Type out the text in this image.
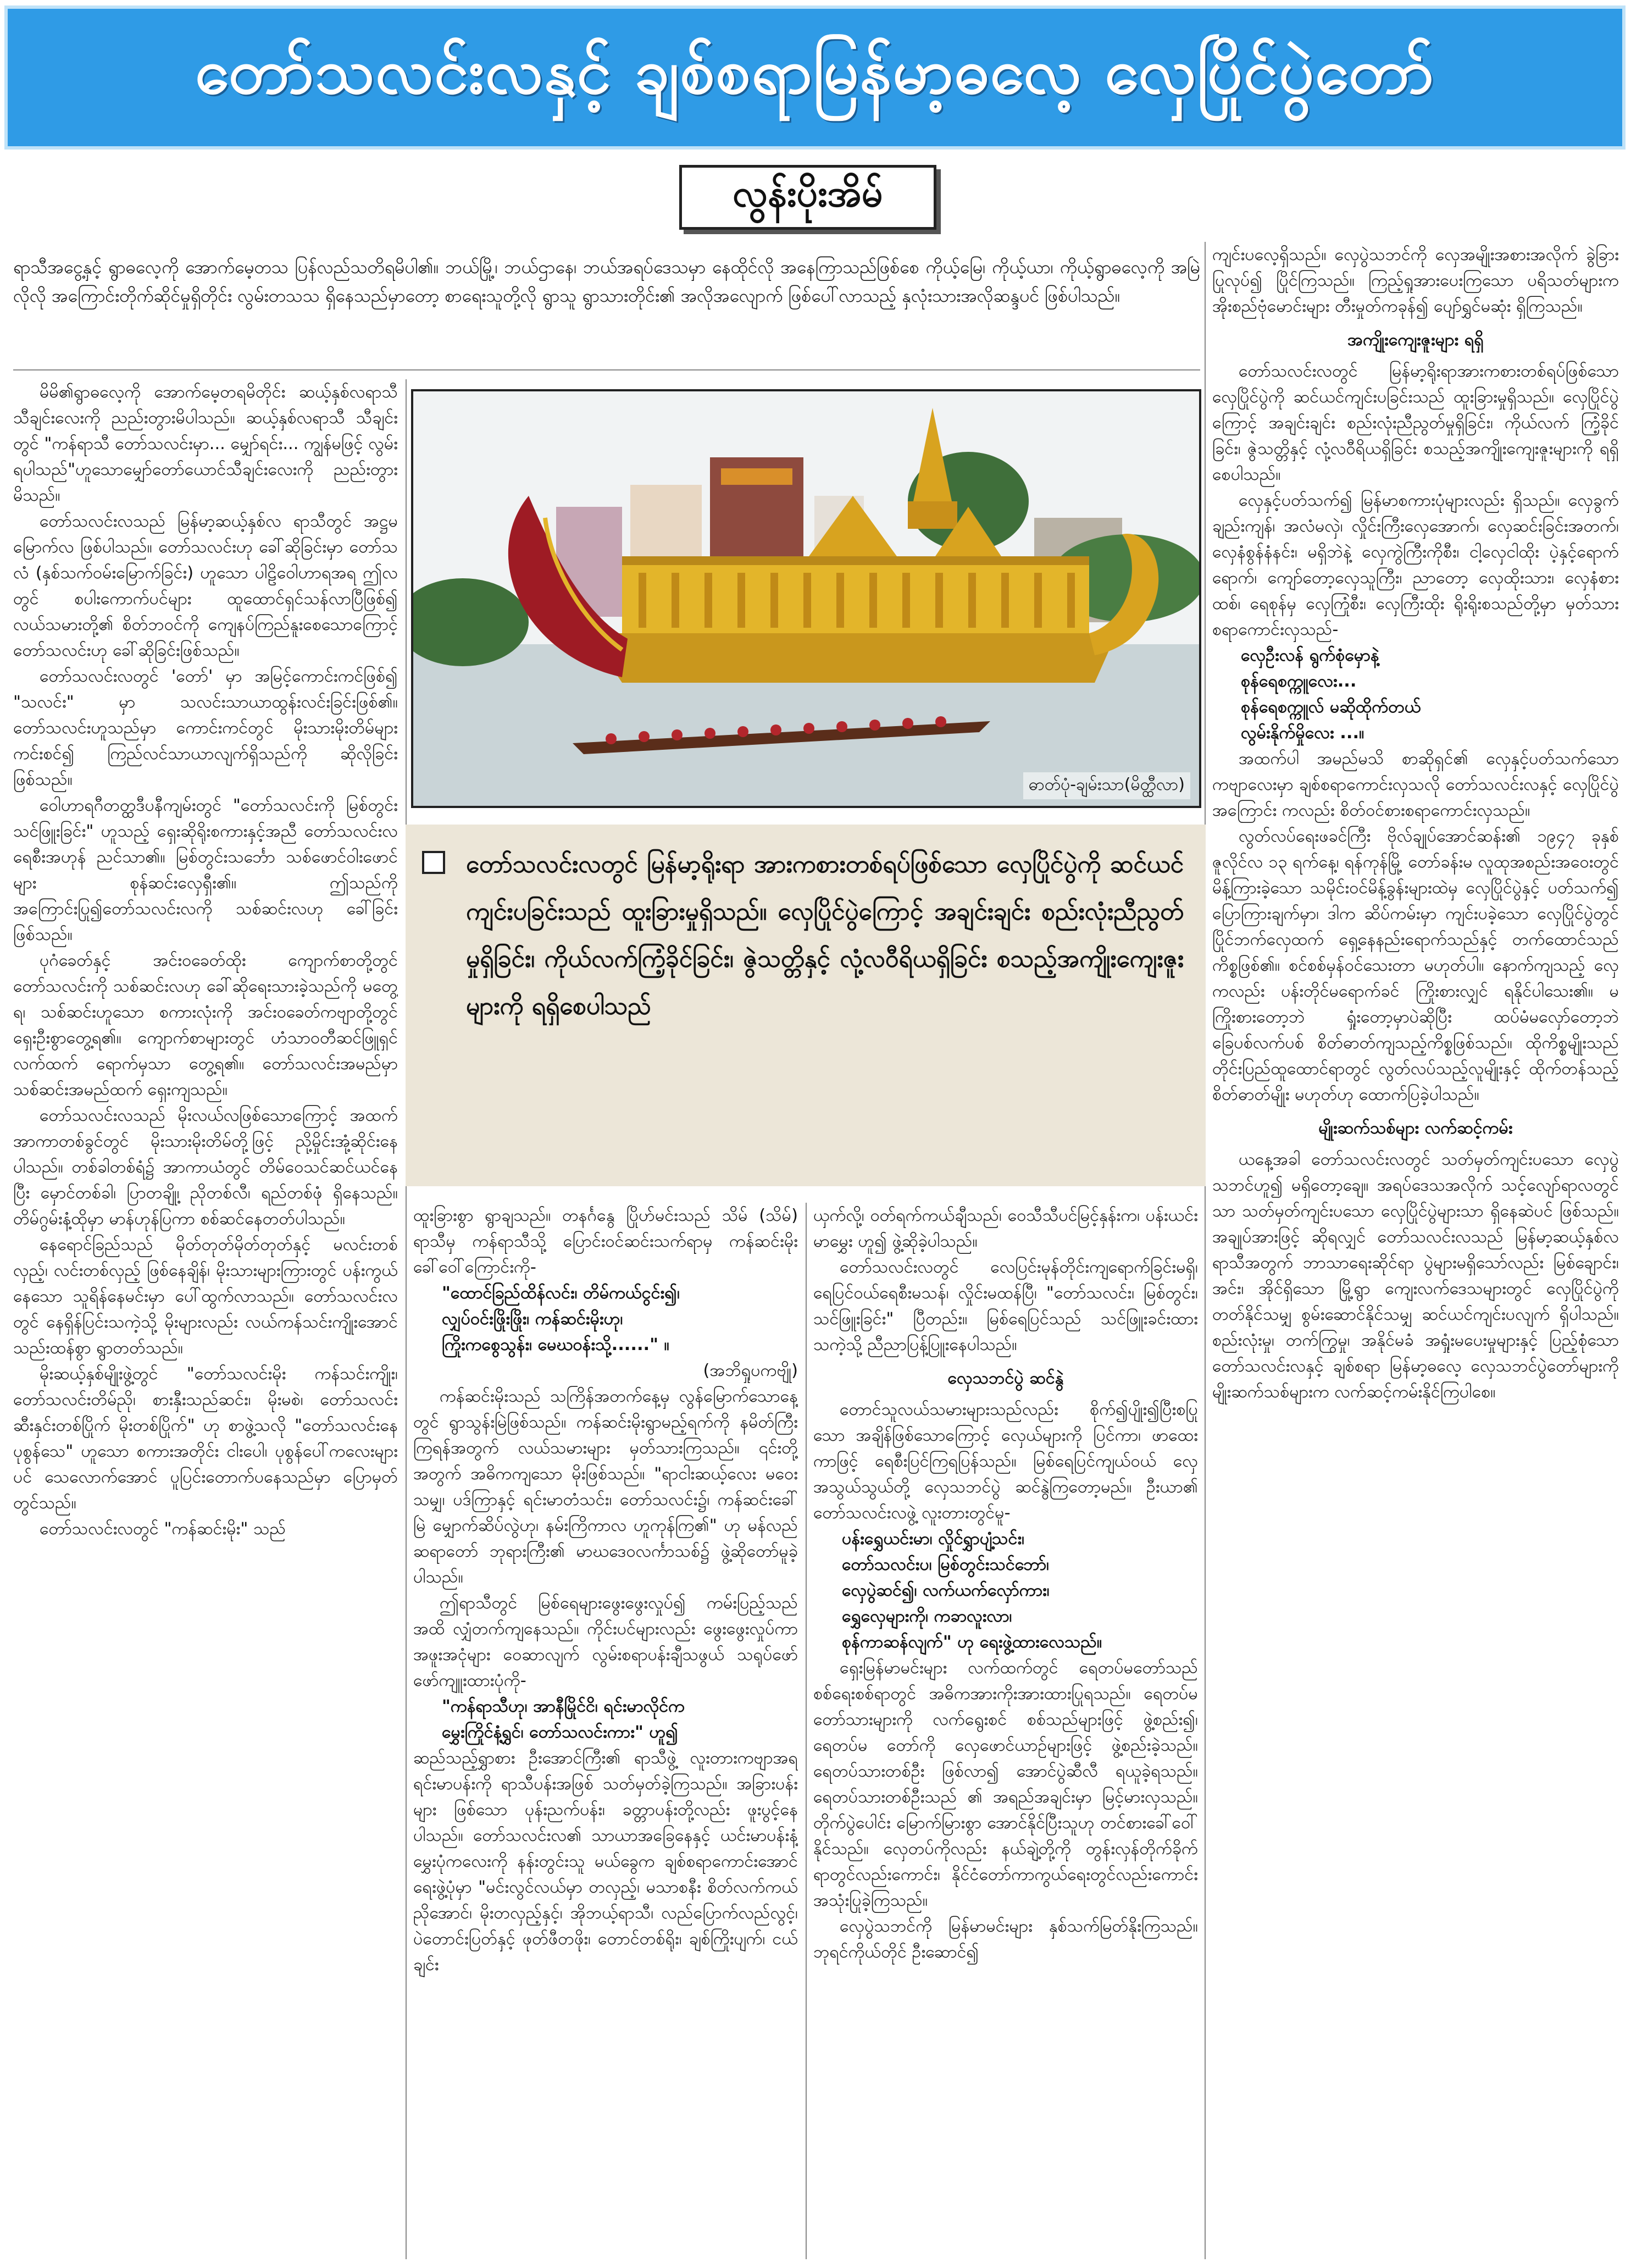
တော်သလင်းလနှင့် ချစ်စရာမြန်မာ့ဓလေ့ လှေပြိုင်ပွဲတော်
လွန်းပိုးအိမ်
ရာသီအငွေ့နှင့် ရွာဓလေ့ကို အောက်မေ့တသ ပြန်လည်သတိရမိပါ၏။ ဘယ်မြို့၊ ဘယ်ဌာနေ၊ ဘယ်အရပ်ဒေသမှာ နေထိုင်လို အနေကြာသည်ဖြစ်စေ ကိုယ့်မြေ၊ ကိုယ့်ယာ၊ ကိုယ့်ရွာဓလေ့ကို အမြဲလိုလို အကြောင်းတိုက်ဆိုင်မှုရှိတိုင်း လွမ်းတသသ ရှိနေသည်မှာတော့ စာရေးသူတို့လို ရွာသူ ရွာသားတိုင်း၏ အလိုအလျောက် ဖြစ်ပေါ်လာသည့် နှလုံးသားအလိုဆန္ဒပင် ဖြစ်ပါသည်။

မိမိ၏ရွာဓလေ့ကို အောက်မေ့တရမိတိုင်း ဆယ့်နှစ်လရာသီ သီချင်းလေးကို ညည်းတွားမိပါသည်။ ဆယ့်နှစ်လရာသီ သီချင်းတွင် "ကန်ရာသီ တော်သလင်းမှာ... မျှော်ရင်း... ကျွန်မဖြင့် လွမ်းရပါသည်"ဟူသောမျှော်တော်ယောင်သီချင်းလေးကို ညည်းတွားမိသည်။

တော်သလင်းလသည် မြန်မာ့ဆယ့်နှစ်လ ရာသီတွင် အဋ္ဌမမြောက်လ ဖြစ်ပါသည်။ တော်သလင်းဟု ခေါ်ဆိုခြင်းမှာ တော်သလံ (နှစ်သက်ဝမ်းမြောက်ခြင်း) ဟူသော ပါဠိဝေါဟာရအရ ဤလတွင် စပါးကောက်ပင်များ ထူထောင်ရှင်သန်လာပြီဖြစ်၍ လယ်သမားတို့၏ စိတ်ဘဝင်ကို ကျေနပ်ကြည်နူးစေသောကြောင့် တော်သလင်းဟု ခေါ်ဆိုခြင်းဖြစ်သည်။

တော်သလင်းလတွင် 'တော်' မှာ အမြင့်ကောင်းကင်ဖြစ်၍ "သလင်း" မှာ သလင်းသာယာထွန်းလင်းခြင်းဖြစ်၏။ တော်သလင်းဟူသည်မှာ ကောင်းကင်တွင် မိုးသားမိုးတိမ်များ ကင်းစင်၍ ကြည်လင်သာယာလျက်ရှိသည်ကို ဆိုလိုခြင်းဖြစ်သည်။

ဝေါဟာရဂီတတ္ထဒီပနီကျမ်းတွင် "တော်သလင်းကို မြစ်တွင်း သင်ဖြူးခြင်း" ဟူသည့် ရှေးဆိုရိုးစကားနှင့်အညီ တော်သလင်းလ ရေစီးအဟုန် ညင်သာ၏။ မြစ်တွင်းသင်္ဘော သစ်ဖောင်ဝါးဖောင်များ စုန်ဆင်းလှေရှီး၏။ ဤသည်ကို အကြောင်းပြု၍တော်သလင်းလကို သစ်ဆင်းလဟု ခေါ်ခြင်းဖြစ်သည်။

ပုဂံခေတ်နှင့် အင်းဝခေတ်ထိုး ကျောက်စာတို့တွင် တော်သလင်းကို သစ်ဆင်းလဟု ခေါ်ဆိုရေးသားခဲ့သည်ကို မတွေ့ရ၊ သစ်ဆင်းဟူသော စကားလုံးကို အင်းဝခေတ်ကဗျာတို့တွင် ရှေးဦးစွာတွေ့ရ၏။ ကျောက်စာများတွင် ဟံသာဝတီဆင်ဖြူရှင်လက်ထက် ရောက်မှသာ တွေ့ရ၏။ တော်သလင်းအမည်မှာ သစ်ဆင်းအမည်ထက် ရှေးကျသည်။

တော်သလင်းလသည် မိုးလယ်လဖြစ်သောကြောင့် အထက်အာကာတစ်ခွင်တွင် မိုးသားမိုးတိမ်တို့ဖြင့် ညို့မှိုင်းအုံ့ဆိုင်းနေပါသည်။ တစ်ခါတစ်ရံ၌ အာကာယံတွင် တိမ်ဝေသင်ဆင်ယင်နေပြီး မှောင်တစ်ခါ၊ ပြာတချို့၊ ညိုတစ်လီ၊ ရည်တစ်ဖုံ ရှိနေသည်။ တိမ်ဂွမ်းနံ့ထိုမှာ မာန်ဟုန်ပြကာ စစ်ဆင်နေတတ်ပါသည်။

နေရောင်ခြည်သည် မိုတ်တုတ်မိုတ်တုတ်နှင့် မလင်းတစ်လှည့်၊ လင်းတစ်လှည့် ဖြစ်နေချိန်၊ မိုးသားများကြားတွင် ပန်းကွယ်နေသော သူရိန်နေမင်းမှာ ပေါ်ထွက်လာသည်။ တော်သလင်းလတွင် နေရှိန်ပြင်းသကဲ့သို့ မိုးများလည်း လယ်ကန်သင်းကျိုးအောင် သည်းထန်စွာ ရွာတတ်သည်။

မိုးဆယ့်နှစ်မျိုးဖွဲ့တွင် "တော်သလင်းမိုး ကန်သင်းကျိုး၊ တော်သလင်းတိမ်ညို၊ စားနှီးသည်ဆင်း၊ မိုးမစဲ၊ တော်သလင်းဆီးနှင်းတစ်ပြိုက် မိုးတစ်ပြိုက်" ဟု စာဖွဲ့သလို "တော်သလင်းနေ ပုစွန်သေ" ဟူသော စကားအတိုင်း ငါးပေါ၊ ပုစွန်ပေါ်ကလေးများပင် သေလောက်အောင် ပူပြင်းတောက်ပနေသည်မှာ ပြောမှတ်တွင်သည်။

တော်သလင်းလတွင် "ကန်ဆင်းမိုး" သည်

ဓာတ်ပုံ-ချမ်းသာ(မိတ္ထီလာ)
တော်သလင်းလတွင် မြန်မာ့ရိုးရာ အားကစားတစ်ရပ်ဖြစ်သော လှေပြိုင်ပွဲကို ဆင်ယင်ကျင်းပခြင်းသည် ထူးခြားမှုရှိသည်။ လှေပြိုင်ပွဲကြောင့် အချင်းချင်း စည်းလုံးညီညွတ်မှုရှိခြင်း၊ ကိုယ်လက်ကြံ့ခိုင်ခြင်း၊ ဇွဲသတ္တိနှင့် လုံ့လဝီရိယရှိခြင်း စသည့်အကျိုးကျေးဇူးများကို ရရှိစေပါသည်

ထူးခြားစွာ ရွာချသည်။ တနင်္ဂနွေ ပြိုဟ်မင်းသည် သိမ် (သိမ်) ရာသီမှ ကန်ရာသီသို့ ပြောင်းဝင်ဆင်းသက်ရာမှ ကန်ဆင်းမိုးခေါ်ဝေါ်ကြောင်းကို-

"ထောင်ခြည်ထိန်လင်း၊ တိမ်ကယ်ငွင်း၍၊

လျှပ်ဝင်းဖြိုးဖြိုး၊ ကန်ဆင်းမိုးဟု၊

ကြိုးကစွေသွန်း၊ မေဃဝန်းသို့......" ။

(အဘိရှုပကဗျို)

ကန်ဆင်းမိုးသည် သကြိန်အတက်နေ့မှ လွန်မြောက်သောနေ့တွင် ရွာသွန်းမြဲဖြစ်သည်။ ကန်ဆင်းမိုးရွာမည့်ရက်ကို နမိတ်ကြီးကြရန်အတွက် လယ်သမားများ မှတ်သားကြသည်။ ၎င်းတို့အတွက် အဓိကကျသော မိုးဖြစ်သည်။ "ရာငါးဆယ့်လေး မဝေးသမျှ၊ ပဒ်ကြာနှင့် ရင်းမာတံသင်း၊ တော်သလင်း၌၊ ကန်ဆင်းခေါ်မြဲ မျှောက်ဆိပ်လွဲဟု၊ နမ်းကြိကာလ ဟူကုန်ကြ၏" ဟု မန်လည်ဆရာတော် ဘုရားကြီး၏ မာဃဒေဝလင်္ကာသစ်၌ ဖွဲ့ဆိုတော်မူခဲ့ပါသည်။

ဤရာသီတွင် မြစ်ရေများဖွေးဖွေးလှုပ်၍ ကမ်းပြည့်သည်အထိ လျှံတက်ကျနေသည်။ ကိုင်းပင်များလည်း ဖွေးဖွေးလှုပ်ကာ အဖူးအငုံများ ဝေဆာလျက် လွမ်းစရာပန်းချီသဖွယ် သရုပ်ဖော် ဖော်ကျူးထားပုံကို-

"ကန်ရာသီဟု၊ အာနီမြိုင်ငိ၊ ရင်းမာလိုင်က

မွှေးကြိုင်နံ့ရွှင်၊ တော်သလင်းကား" ဟူ၍

ဆည်သည့်ရွှာစား ဦးအောင်ကြီး၏ ရာသီဖွဲ့ လူးတားကဗျာအရ ရင်းမာပန်းကို ရာသီပန်းအဖြစ် သတ်မှတ်ခဲ့ကြသည်။ အခြားပန်းများ ဖြစ်သော ပုန်းညက်ပန်း၊ ခတ္တာပန်းတို့လည်း ဖူးပွင့်နေပါသည်။ တော်သလင်းလ၏ သာယာအခြေနေနှင့် ယင်းမာပန်းနံ့ မွှေးပုံကလေးကို နန်းတွင်းသူ မယ်ခွေက ချစ်စရာကောင်းအောင် ရေးဖွဲ့ပုံမှာ "မင်းလွင်လယ်မှာ တလှည့်၊ မသာစနီး စိတ်လက်ကယ်ညိုအောင်၊ မိုးတလှည့်နှင့်၊ အိုဘယ့်ရာသီ၊ လည်ပြောက်လည်လွင့်၊ ပဲတောင်းပြတ်နှင့် ဖုတ်ဖီတဖိုး၊ တောင်တစ်ရိုး၊ ချစ်ကြိုးပျက်၊ ငယ်ချင်း

ယှက်လို့၊ ဝတ်ရက်ကယ်ချီသည်၊ ဝေသီသီပင်မြင့်နှန်းက၊ ပန်းယင်းမာမွှေး ဟူ၍ ဖွဲ့ဆိုခဲ့ပါသည်။

တော်သလင်းလတွင် လေပြင်းမုန်တိုင်းကျရောက်ခြင်းမရှိ၊ ရေပြင်ဝယ်ရေစီးမသန်၊ လှိုင်းမထန်ပြီ၊ "တော်သလင်း၊ မြစ်တွင်း၊ သင်ဖြူးခြင်း" ပြီတည်း။ မြစ်ရေပြင်သည် သင်ဖြူးခင်းထားသကဲ့သို့ ညီညာပြန့်ပြူးနေပါသည်။

လှေသဘင်ပွဲ ဆင်နွဲ

တောင်သူလယ်သမားများသည်လည်း စိုက်၍ပျိုး၍ပြီးစပြုသော အချိန်ဖြစ်သောကြောင့် လှေယ်များကို ပြင်ကာ၊ ဖာထေးကာဖြင့် ရေစီးပြင်ကြရပြန်သည်။ မြစ်ရေပြင်ကျယ်ဝယ် လှေအသွယ်သွယ်တို့ လှေသဘင်ပွဲ ဆင်နွဲကြတော့မည်။ ဦးယာ၏ တော်သလင်းလဖွဲ့ လူးတားတွင်မူ-

ပန်းရွှေယင်းမာ၊ လှိုင်ရွှာပျံ့သင်း၊

တော်သလင်းပ၊ မြစ်တွင်းသင်ဘော်၊

လှေပွဲဆင်၍၊ လက်ယက်လှော်ကား၊

ရွှေလှေများကို၊ ကခာလူးလာ၊

စုန်ကာဆန်လျက်" ဟု ရေးဖွဲ့ထားလေသည်။

ရှေးမြန်မာမင်းများ လက်ထက်တွင် ရေတပ်မတော်သည် စစ်ရေးစစ်ရာတွင် အဓိကအားကိုးအားထားပြုရသည်။ ရေတပ်မတော်သားများကို လက်ရွေးစင် စစ်သည်များဖြင့် ဖွဲ့စည်း၍၊ ရေတပ်မ တော်ကို လှေဖောင်ယာဉ်များဖြင့် ဖွဲ့စည်းခဲ့သည်။ ရေတပ်သားတစ်ဦး ဖြစ်လာ၍ အောင်ပွဲဆီလီ ရယူခဲ့ရသည်။ ရေတပ်သားတစ်ဦးသည် ၏ အရည်အချင်းမှာ မြင့်မားလှသည်။ တိုက်ပွဲပေါင်း မြောက်မြားစွာ အောင်နိုင်ပြီးသူဟု တင်စားခေါ်ဝေါ်နိုင်သည်။ လှေတပ်ကိုလည်း နယ်ချဲ့တို့ကို တွန်းလှန်တိုက်ခိုက်ရာတွင်လည်းကောင်း၊ နိုင်ငံတော်ကာကွယ်ရေးတွင်လည်းကောင်း အသုံးပြုခဲ့ကြသည်။

လှေပွဲသဘင်ကို မြန်မာမင်းများ နှစ်သက်မြတ်နိုးကြသည်။ ဘုရင်ကိုယ်တိုင် ဦးဆောင်၍

ကျင်းပလေ့ရှိသည်။ လှေပွဲသဘင်ကို လှေအမျိုးအစားအလိုက် ခွဲခြားပြုလုပ်၍ ပြိုင်ကြသည်။ ကြည့်ရှုအားပေးကြသော ပရိသတ်များက အိုးစည်ဗုံမောင်းများ တီးမှုတ်ကခုန်၍ ပျော်ရွှင်မဆုံး ရှိကြသည်။

အကျိုးကျေးဇူးများ ရရှိ

တော်သလင်းလတွင် မြန်မာ့ရိုးရာအားကစားတစ်ရပ်ဖြစ်သော လှေပြိုင်ပွဲကို ဆင်ယင်ကျင်းပခြင်းသည် ထူးခြားမှုရှိသည်။ လှေပြိုင်ပွဲကြောင့် အချင်းချင်း စည်းလုံးညီညွတ်မှုရှိခြင်း၊ ကိုယ်လက် ကြံ့ခိုင်ခြင်း၊ ဇွဲသတ္တိနှင့် လုံ့လဝီရိယရှိခြင်း စသည့်အကျိုးကျေးဇူးများကို ရရှိစေပါသည်။

လှေနှင့်ပတ်သက်၍ မြန်မာစကားပုံများလည်း ရှိသည်။ လှေခွက်ချည်းကျန်၊ အလံမလှဲ၊ လှိုင်းကြီးလှေအောက်၊ လှေဆင်းခြင်းအတက်၊ လှေနံစွန်နံနင်း၊ မရှိဘဲနဲ့ လှေကွဲကြီးကိုစီး၊ ငါ့လှေငါထိုး ပဲ့နှင့်ရောက်ရောက်၊ ကျော်တော့လှေသူကြီး၊ ညာတော့ လှေထိုးသား၊ လှေနံစားထစ်၊ ရေစုန်မှ လှေကြုံစီး၊ လှေကြီးထိုး ရိုးရိုးစသည်တို့မှာ မှတ်သား စရာကောင်းလှသည်-

လှေဦးလန် ရွက်စုံမှောနဲ့

စုန်ရေစက္ကူလေး...

စုန်ရေစက္ကူလ် မဆိုထိုက်တယ်

လွမ်းနိုက်မှိုလေး ...။

အထက်ပါ အမည်မသိ စာဆိုရှင်၏ လှေနှင့်ပတ်သက်သော ကဗျာလေးမှာ ချစ်စရာကောင်းလှသလို တော်သလင်းလနှင့် လှေပြိုင်ပွဲအကြောင်း ကလည်း စိတ်ဝင်စားစရာကောင်းလှသည်။

လွတ်လပ်ရေးဖခင်ကြီး ဗိုလ်ချုပ်အောင်ဆန်း၏ ၁၉၄၇ ခုနှစ် ဇူလိုင်လ ၁၃ ရက်နေ့၊ ရန်ကုန်မြို့ တော်ခန်းမ လူထုအစည်းအဝေးတွင် မိန့်ကြားခဲ့သော သမိုင်းဝင်မိန့်ခွန်းများထဲမှ လှေပြိုင်ပွဲနှင့် ပတ်သက်၍ ပြောကြားချက်မှာ၊ ဒါက ဆိပ်ကမ်းမှာ ကျင်းပခဲ့သော လှေပြိုင်ပွဲတွင် ပြိုင်ဘက်လှေထက် ရှေ့နေနည်းရောက်သည်နှင့် တက်ထောင်သည်ကိစ္စဖြစ်၏။ စင်စစ်မှန်ဝင်သေးတာ မဟုတ်ပါ။ နောက်ကျသည့် လှေကလည်း ပန်းတိုင်မရောက်ခင် ကြိုးစားလျှင် ရနိုင်ပါသေး၏။ မကြိုးစားတော့ဘဲ ရှုံးတော့မှာပဲဆိုပြီး ထပ်မံမလှော်တော့ဘဲ ခြေပစ်လက်ပစ် စိတ်ဓာတ်ကျသည့်ကိစ္စဖြစ်သည်။ ထိုကိစ္စမျိုးသည် တိုင်းပြည်ထူထောင်ရာတွင် လွတ်လပ်သည့်လူမျိုးနှင့် ထိုက်တန်သည့် စိတ်ဓာတ်မျိုး မဟုတ်ဟု ထောက်ပြခဲ့ပါသည်။

မျိုးဆက်သစ်များ လက်ဆင့်ကမ်း

ယနေ့အခါ တော်သလင်းလတွင် သတ်မှတ်ကျင်းပသော လှေပွဲသဘင်ဟူ၍ မရှိတော့ချေ။ အရပ်ဒေသအလိုက် သင့်လျော်ရာလတွင်သာ သတ်မှတ်ကျင်းပသော လှေပြိုင်ပွဲများသာ ရှိနေဆဲပင် ဖြစ်သည်။ အချုပ်အားဖြင့် ဆိုရလျှင် တော်သလင်းလသည် မြန်မာ့ဆယ့်နှစ်လရာသီအတွက် ဘာသာရေးဆိုင်ရာ ပွဲများမရှိသော်လည်း မြစ်ချောင်း၊ အင်း၊ အိုင်ရှိသော မြို့ရွာ ကျေးလက်ဒေသများတွင် လှေပြိုင်ပွဲကို တတ်နိုင်သမျှ စွမ်းဆောင်နိုင်သမျှ ဆင်ယင်ကျင်းပလျက် ရှိပါသည်။ စည်းလုံးမှု၊ တက်ကြွမှု၊ အနိုင်မခံ အရှုံးမပေးမှုများနှင့် ပြည့်စုံသော တော်သလင်းလနှင့် ချစ်စရာ မြန်မာ့ဓလေ့ လှေသဘင်ပွဲတော်များကို မျိုးဆက်သစ်များက လက်ဆင့်ကမ်းနိုင်ကြပါစေ။
